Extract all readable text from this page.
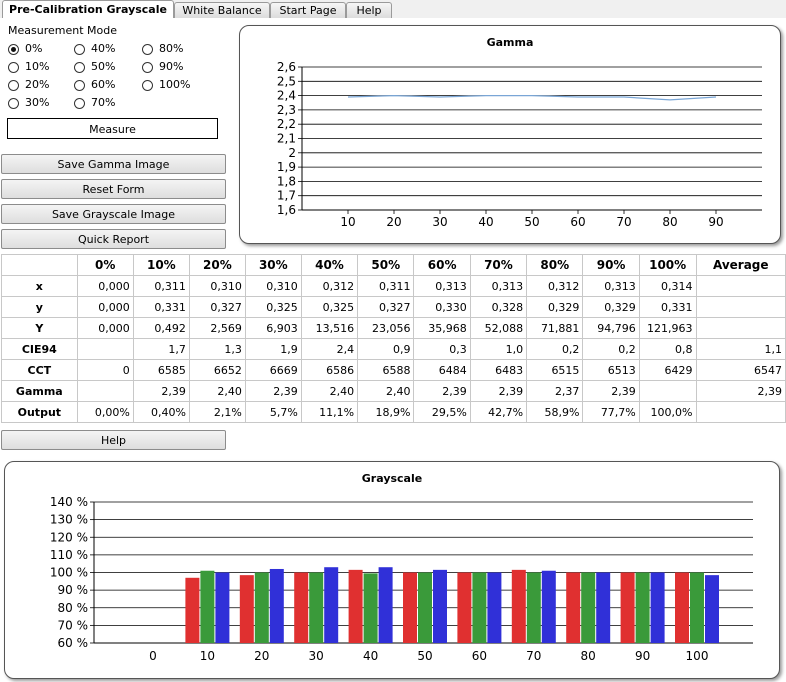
Pre-Calibration Grayscale	White Balance	Start Page	Help
Measurement Mode
0%	40%	80%
10%	50%	90%
20%	60%	100%
30%	70%
Measure
Save Gamma Image
Reset Form
Save Grayscale Image
Quick Report
Gamma
1,6
1,7
1,8
1,9
2
2,1
2,2
2,3
2,4
2,5
2,6
10	20	30	40	50	60	70	80	90
	0%	10%	20%	30%	40%	50%	60%	70%	80%	90%	100%	Average
x	0,000	0,311	0,310	0,310	0,312	0,311	0,313	0,313	0,312	0,313	0,314	
y	0,000	0,331	0,327	0,325	0,325	0,327	0,330	0,328	0,329	0,329	0,331	
Y	0,000	0,492	2,569	6,903	13,516	23,056	35,968	52,088	71,881	94,796	121,963	
CIE94		1,7	1,3	1,9	2,4	0,9	0,3	1,0	0,2	0,2	0,8	1,1
CCT	0	6585	6652	6669	6586	6588	6484	6483	6515	6513	6429	6547
Gamma		2,39	2,40	2,39	2,40	2,40	2,39	2,39	2,37	2,39		2,39
Output	0,00%	0,40%	2,1%	5,7%	11,1%	18,9%	29,5%	42,7%	58,9%	77,7%	100,0%	
Help
Grayscale
60 %
70 %
80 %
90 %
100 %
110 %
120 %
130 %
140 %
0	10	20	30	40	50	60	70	80	90	100
